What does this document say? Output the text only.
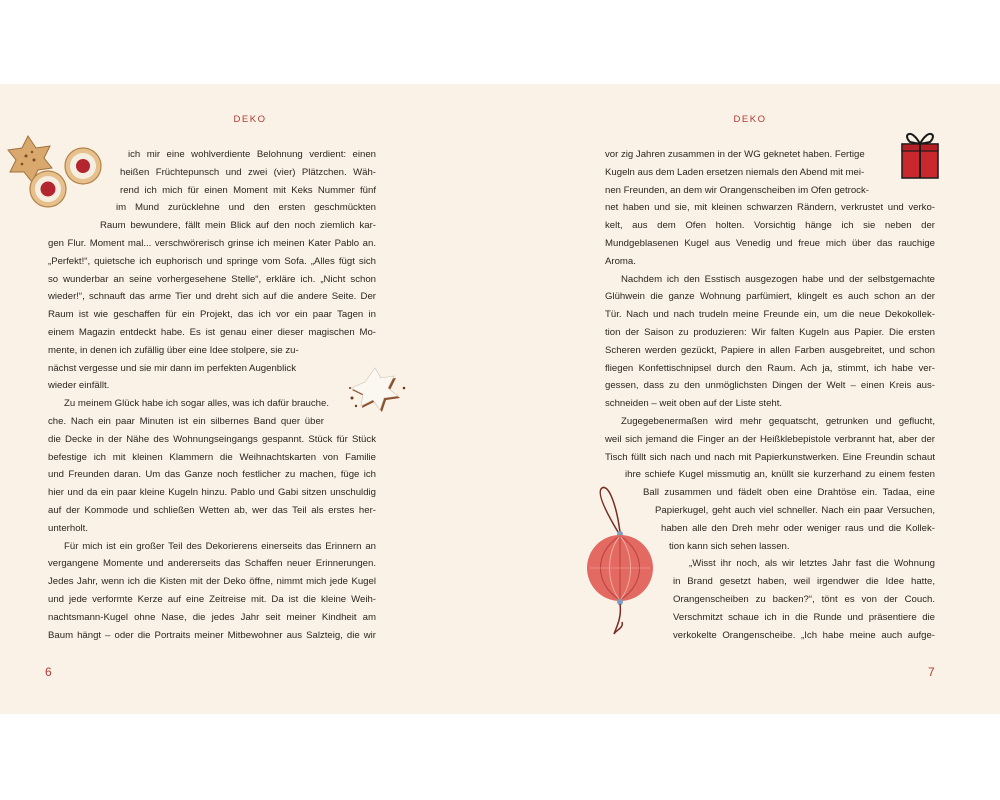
DEKO
ich mir eine wohlverdiente Belohnung verdient: einen
heißen Früchtepunsch und zwei (vier) Plätzchen. Wäh-
rend ich mich für einen Moment mit Keks Nummer fünf
im Mund zurücklehne und den ersten geschmückten
Raum bewundere, fällt mein Blick auf den noch ziemlich kar-
gen Flur. Moment mal... verschwörerisch grinse ich meinen Kater Pablo an.
„Perfekt!“, quietsche ich euphorisch und springe vom Sofa. „Alles fügt sich
so wunderbar an seine vorhergesehene Stelle“, erkläre ich. „Nicht schon
wieder!“, schnauft das arme Tier und dreht sich auf die andere Seite. Der
Raum ist wie geschaffen für ein Projekt, das ich vor ein paar Tagen in
einem Magazin entdeckt habe. Es ist genau einer dieser magischen Mo-
mente, in denen ich zufällig über eine Idee stolpere, sie zu-
nächst vergesse und sie mir dann im perfekten Augenblick
wieder einfällt.
Zu meinem Glück habe ich sogar alles, was ich dafür brauche.
che. Nach ein paar Minuten ist ein silbernes Band quer über
die Decke in der Nähe des Wohnungseingangs gespannt. Stück für Stück
befestige ich mit kleinen Klammern die Weihnachtskarten von Familie
und Freunden daran. Um das Ganze noch festlicher zu machen, füge ich
hier und da ein paar kleine Kugeln hinzu. Pablo und Gabi sitzen unschuldig
auf der Kommode und schließen Wetten ab, wer das Teil als erstes her-
unterholt.
Für mich ist ein großer Teil des Dekorierens einerseits das Erinnern an
vergangene Momente und andererseits das Schaffen neuer Erinnerungen.
Jedes Jahr, wenn ich die Kisten mit der Deko öffne, nimmt mich jede Kugel
und jede verformte Kerze auf eine Zeitreise mit. Da ist die kleine Weih-
nachtsmann-Kugel ohne Nase, die jedes Jahr seit meiner Kindheit am
Baum hängt – oder die Portraits meiner Mitbewohner aus Salzteig, die wir
6
DEKO
vor zig Jahren zusammen in der WG geknetet haben. Fertige
Kugeln aus dem Laden ersetzen niemals den Abend mit mei-
nen Freunden, an dem wir Orangenscheiben im Ofen getrock-
net haben und sie, mit kleinen schwarzen Rändern, verkrustet und verko-
kelt, aus dem Ofen holten. Vorsichtig hänge ich sie neben der
Mundgeblasenen Kugel aus Venedig und freue mich über das rauchige
Aroma.
Nachdem ich den Esstisch ausgezogen habe und der selbstgemachte
Glühwein die ganze Wohnung parfümiert, klingelt es auch schon an der
Tür. Nach und nach trudeln meine Freunde ein, um die neue Dekokollek-
tion der Saison zu produzieren: Wir falten Kugeln aus Papier. Die ersten
Scheren werden gezückt, Papiere in allen Farben ausgebreitet, und schon
fliegen Konfettischnipsel durch den Raum. Ach ja, stimmt, ich habe ver-
gessen, dass zu den unmöglichsten Dingen der Welt – einen Kreis aus-
schneiden – weit oben auf der Liste steht.
Zugegebenermaßen wird mehr gequatscht, getrunken und geflucht,
weil sich jemand die Finger an der Heißklebepistole verbrannt hat, aber der
Tisch füllt sich nach und nach mit Papierkunstwerken. Eine Freundin schaut
ihre schiefe Kugel missmutig an, knüllt sie kurzerhand zu einem festen
Ball zusammen und fädelt oben eine Drahtöse ein. Tadaa, eine
Papierkugel, geht auch viel schneller. Nach ein paar Versuchen,
haben alle den Dreh mehr oder weniger raus und die Kollek-
tion kann sich sehen lassen.
„Wisst ihr noch, als wir letztes Jahr fast die Wohnung
in Brand gesetzt haben, weil irgendwer die Idee hatte,
Orangenscheiben zu backen?“, tönt es von der Couch.
Verschmitzt schaue ich in die Runde und präsentiere die
verkokelte Orangenscheibe. „Ich habe meine auch aufge-
7
